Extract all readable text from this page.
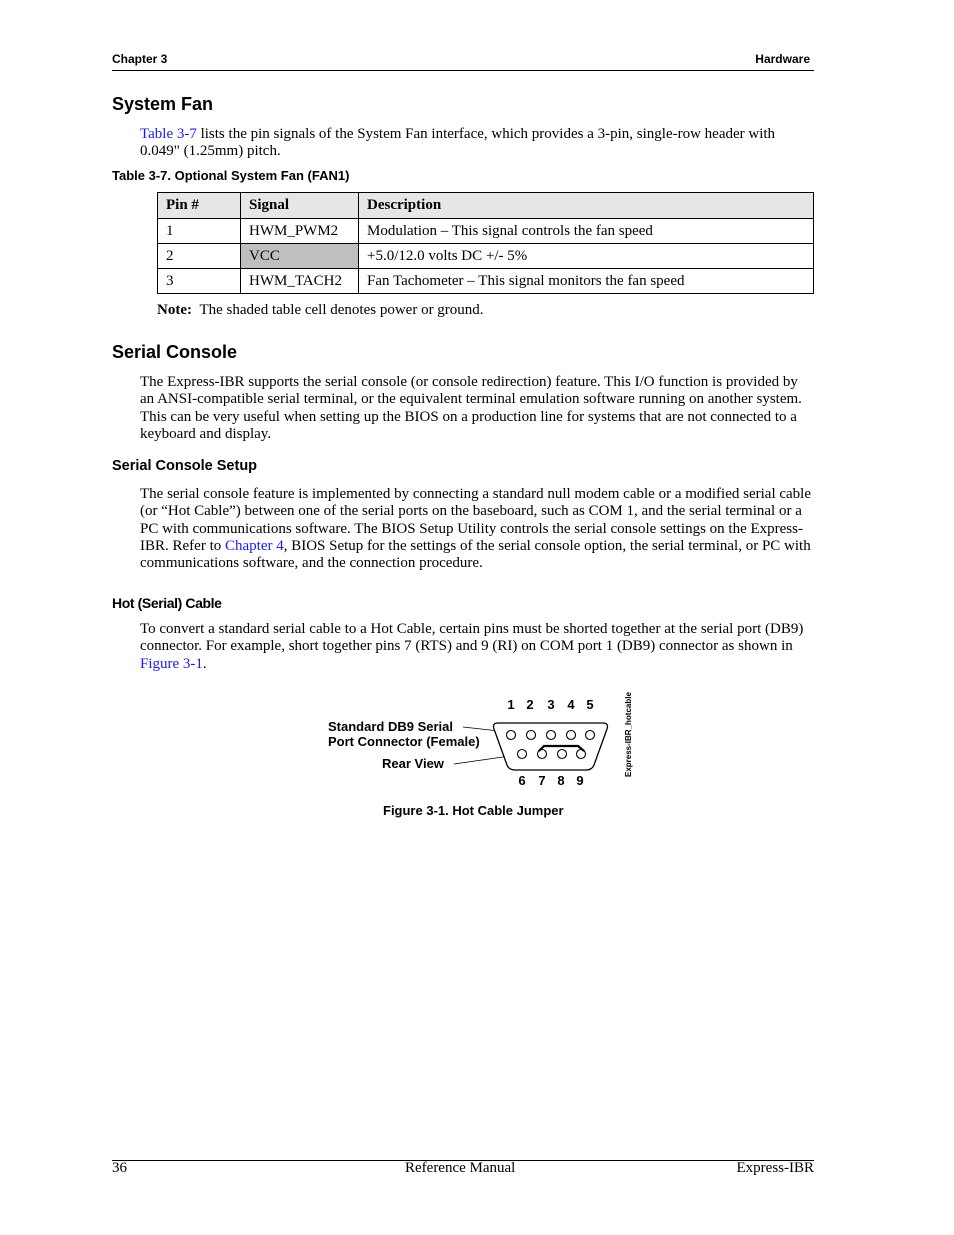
Chapter 3	Hardware
System Fan
Table 3-7 lists the pin signals of the System Fan interface, which provides a 3-pin, single-row header with 0.049" (1.25mm) pitch.
Table 3-7. Optional System Fan (FAN1)
Pin #	Signal	Description
1	HWM_PWM2	Modulation – This signal controls the fan speed
2	VCC	+5.0/12.0 volts DC +/- 5%
3	HWM_TACH2	Fan Tachometer – This signal monitors the fan speed
Note: The shaded table cell denotes power or ground.
Serial Console
The Express-IBR supports the serial console (or console redirection) feature. This I/O function is provided by an ANSI-compatible serial terminal, or the equivalent terminal emulation software running on another system. This can be very useful when setting up the BIOS on a production line for systems that are not connected to a keyboard and display.
Serial Console Setup
The serial console feature is implemented by connecting a standard null modem cable or a modified serial cable (or “Hot Cable”) between one of the serial ports on the baseboard, such as COM 1, and the serial terminal or a PC with communications software. The BIOS Setup Utility controls the serial console settings on the Express-IBR. Refer to Chapter 4, BIOS Setup for the settings of the serial console option, the serial terminal, or PC with communications software, and the connection procedure.
Hot (Serial) Cable
To convert a standard serial cable to a Hot Cable, certain pins must be shorted together at the serial port (DB9) connector. For example, short together pins 7 (RTS) and 9 (RI) on COM port 1 (DB9) connector as shown in Figure 3-1.
Standard DB9 Serial
Port Connector (Female)
Rear View
1 2 3 4 5
6 7 8 9
Express-IBR_hotcable
Figure 3-1. Hot Cable Jumper
36	Reference Manual	Express-IBR
